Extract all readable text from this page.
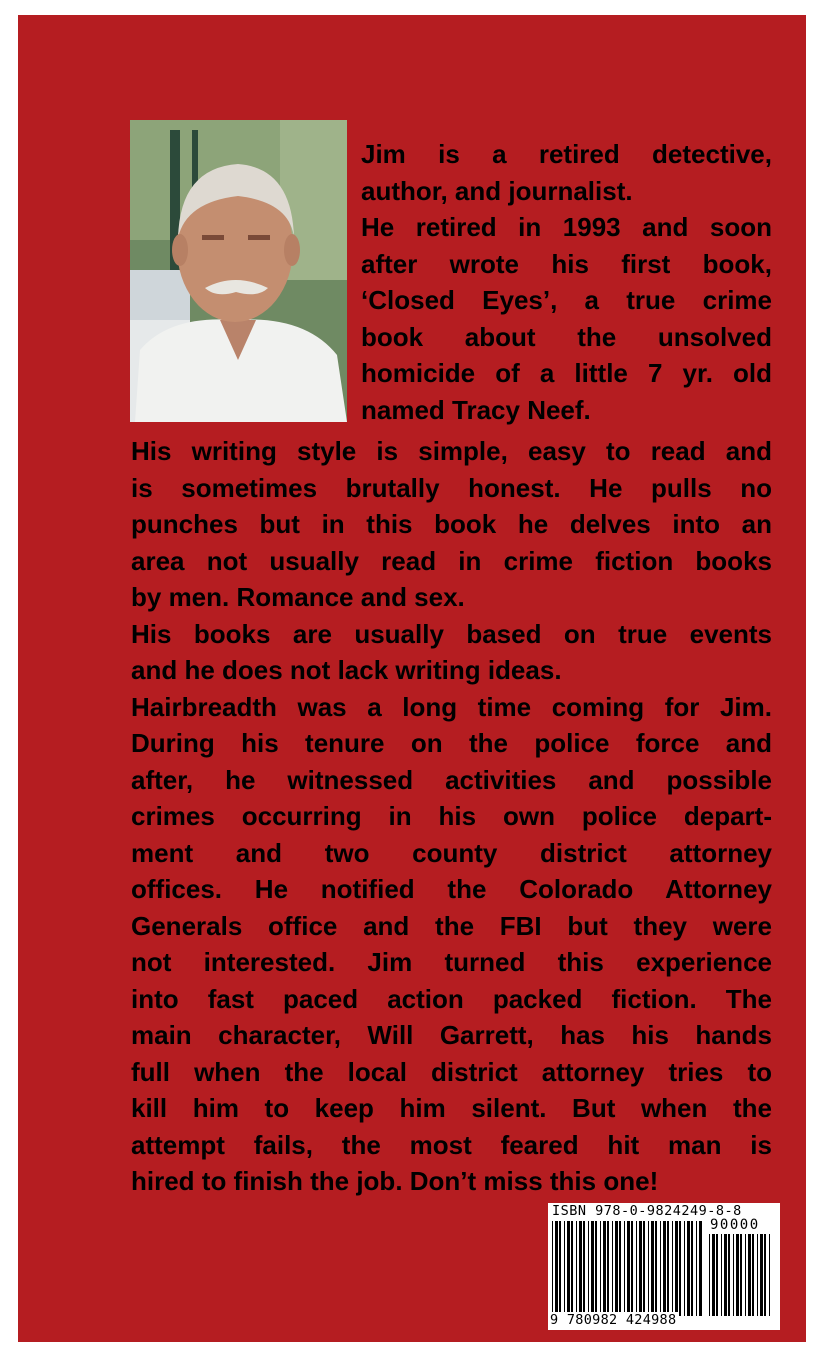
Jim is a retired detective,
author, and journalist.
He retired in 1993 and soon
after wrote his first book,
‘Closed Eyes’, a true crime
book about the unsolved
homicide of a little 7 yr. old
named Tracy Neef.
His writing style is simple, easy to read and
is sometimes brutally honest. He pulls no
punches but in this book he delves into an
area not usually read in crime fiction books
by men. Romance and sex.
His books are usually based on true events
and he does not lack writing ideas.
Hairbreadth was a long time coming for Jim.
During his tenure on the police force and
after, he witnessed activities and possible
crimes occurring in his own police depart-
ment and two county district attorney
offices. He notified the Colorado Attorney
Generals office and the FBI but they were
not interested. Jim turned this experience
into fast paced action packed fiction. The
main character, Will Garrett, has his hands
full when the local district attorney tries to
kill him to keep him silent. But when the
attempt fails, the most feared hit man is
hired to finish the job. Don’t miss this one!
ISBN 978-0-9824249-8-8
90000
9 780982 424988
